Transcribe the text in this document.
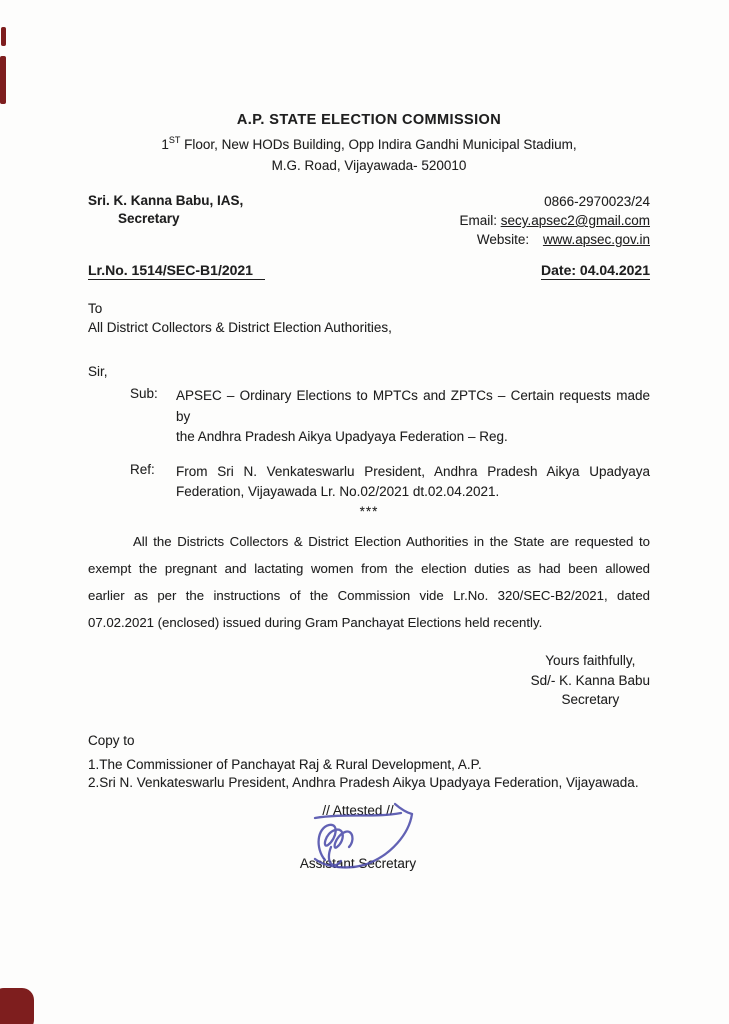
A.P. STATE ELECTION COMMISSION
1ST Floor, New HODs Building, Opp Indira Gandhi Municipal Stadium,
M.G. Road, Vijayawada- 520010
Sri. K. Kanna Babu, IAS,
Secretary
0866-2970023/24
Email: secy.apsec2@gmail.com
Website: www.apsec.gov.in
Lr.No. 1514/SEC-B1/2021	Date: 04.04.2021
To
All District Collectors & District Election Authorities,
Sir,
Sub:	APSEC – Ordinary Elections to MPTCs and ZPTCs – Certain requests made by
the Andhra Pradesh Aikya Upadyaya Federation – Reg.
Ref:	From Sri N. Venkateswarlu President, Andhra Pradesh Aikya Upadyaya
Federation, Vijayawada Lr. No.02/2021 dt.02.04.2021.
***
All the Districts Collectors & District Election Authorities in the State are requested to
exempt the pregnant and lactating women from the election duties as had been allowed
earlier as per the instructions of the Commission vide Lr.No. 320/SEC-B2/2021, dated
07.02.2021 (enclosed) issued during Gram Panchayat Elections held recently.
Yours faithfully,
Sd/- K. Kanna Babu
Secretary
Copy to
1.The Commissioner of Panchayat Raj & Rural Development, A.P.
2.Sri N. Venkateswarlu President, Andhra Pradesh Aikya Upadyaya Federation, Vijayawada.
// Attested //
Assistant Secretary
